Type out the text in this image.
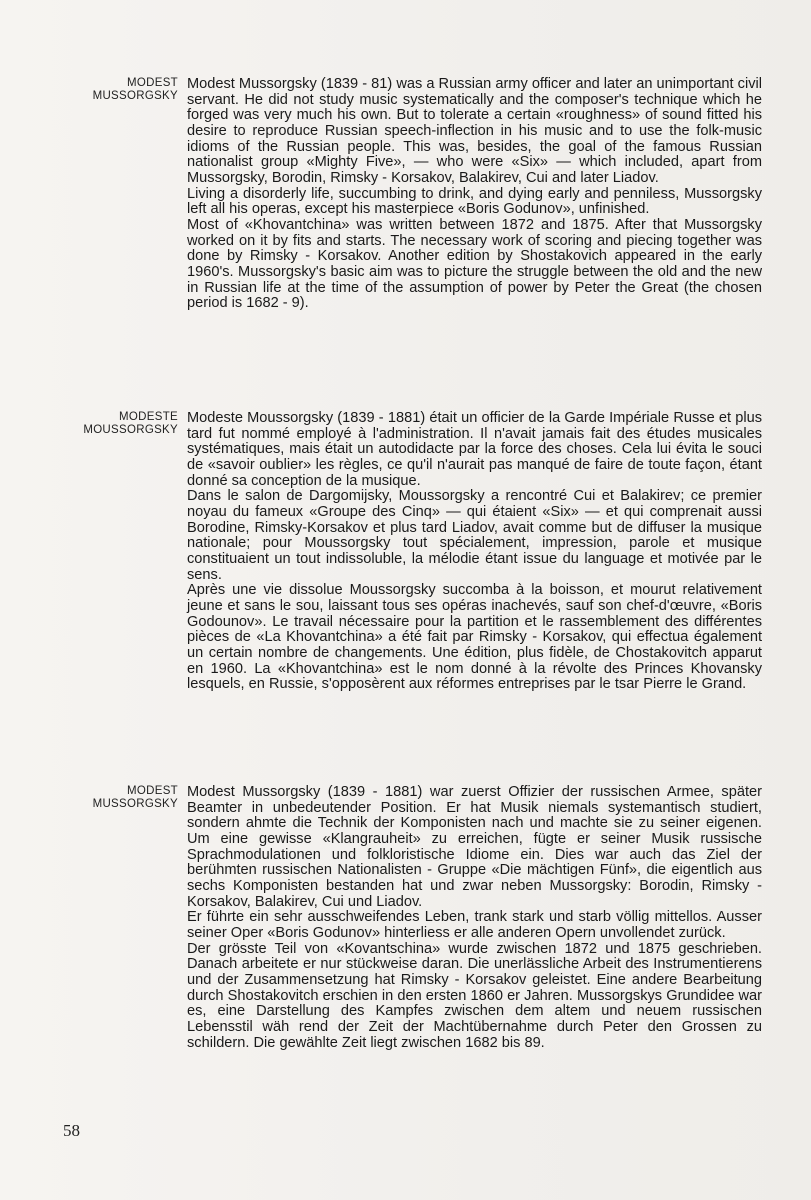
MODEST
MUSSORGSKY

Modest Mussorgsky (1839 - 81) was a Russian army officer and later an unimportant civil servant. He did not study music systematically and the composer's technique which he forged was very much his own. But to tolerate a certain «roughness» of sound fitted his desire to reproduce Russian speech-inflection in his music and to use the folk-music idioms of the Russian people. This was, besides, the goal of the famous Russian nationalist group «Mighty Five», — who were «Six» — which included, apart from Mussorgsky, Borodin, Rimsky - Korsakov, Balakirev, Cui and later Liadov.

Living a disorderly life, succumbing to drink, and dying early and penniless, Mussorgsky left all his operas, except his masterpiece «Boris Godunov», unfinished.

Most of «Khovantchina» was written between 1872 and 1875. After that Mussorgsky worked on it by fits and starts. The necessary work of scoring and piecing together was done by Rimsky - Korsakov. Another edition by Shostakovich appeared in the early 1960's. Mussorgsky's basic aim was to picture the struggle between the old and the new in Russian life at the time of the assumption of power by Peter the Great (the chosen period is 1682 - 9).

MODESTE
MOUSSORGSKY

Modeste Moussorgsky (1839 - 1881) était un officier de la Garde Impériale Russe et plus tard fut nommé employé à l'administration. Il n'avait jamais fait des études musicales systématiques, mais était un autodidacte par la force des choses. Cela lui évita le souci de «savoir oublier» les règles, ce qu'il n'aurait pas manqué de faire de toute façon, étant donné sa conception de la musique.

Dans le salon de Dargomijsky, Moussorgsky a rencontré Cui et Balakirev; ce premier noyau du fameux «Groupe des Cinq» — qui étaient «Six» — et qui comprenait aussi Borodine, Rimsky-Korsakov et plus tard Liadov, avait comme but de diffuser la musique nationale; pour Moussorgsky tout spécialement, impression, parole et musique constituaient un tout indissoluble, la mélodie étant issue du language et motivée par le sens.

Après une vie dissolue Moussorgsky succomba à la boisson, et mourut relativement jeune et sans le sou, laissant tous ses opéras inachevés, sauf son chef-d'œuvre, «Boris Godounov». Le travail nécessaire pour la partition et le rassemblement des différentes pièces de «La Khovantchina» a été fait par Rimsky - Korsakov, qui effectua également un certain nombre de changements. Une édition, plus fidèle, de Chostakovitch apparut en 1960. La «Khovantchina» est le nom donné à la révolte des Princes Khovansky lesquels, en Russie, s'opposèrent aux réformes entreprises par le tsar Pierre le Grand.

MODEST
MUSSORGSKY

Modest Mussorgsky (1839 - 1881) war zuerst Offizier der russischen Armee, später Beamter in unbedeutender Position. Er hat Musik niemals systemantisch studiert, sondern ahmte die Technik der Komponisten nach und machte sie zu seiner eigenen. Um eine gewisse «Klangrauheit» zu erreichen, fügte er seiner Musik russische Sprachmodulationen und folkloristische Idiome ein. Dies war auch das Ziel der berühmten russischen Nationalisten - Gruppe «Die mächtigen Fünf», die eigentlich aus sechs Komponisten bestanden hat und zwar neben Mussorgsky: Borodin, Rimsky - Korsakov, Balakirev, Cui und Liadov.

Er führte ein sehr ausschweifendes Leben, trank stark und starb völlig mittellos. Ausser seiner Oper «Boris Godunov» hinterliess er alle anderen Opern unvollendet zurück.

Der grösste Teil von «Kovantschina» wurde zwischen 1872 und 1875 geschrieben. Danach arbeitete er nur stückweise daran. Die unerlässliche Arbeit des Instrumentierens und der Zusammensetzung hat Rimsky - Korsakov geleistet. Eine andere Bearbeitung durch Shostakovitch erschien in den ersten 1860 er Jahren. Mussorgskys Grundidee war es, eine Darstellung des Kampfes zwischen dem altem und neuem russischen Lebensstil wäh rend der Zeit der Machtübernahme durch Peter den Grossen zu schildern. Die gewählte Zeit liegt zwischen 1682 bis 89.

58
